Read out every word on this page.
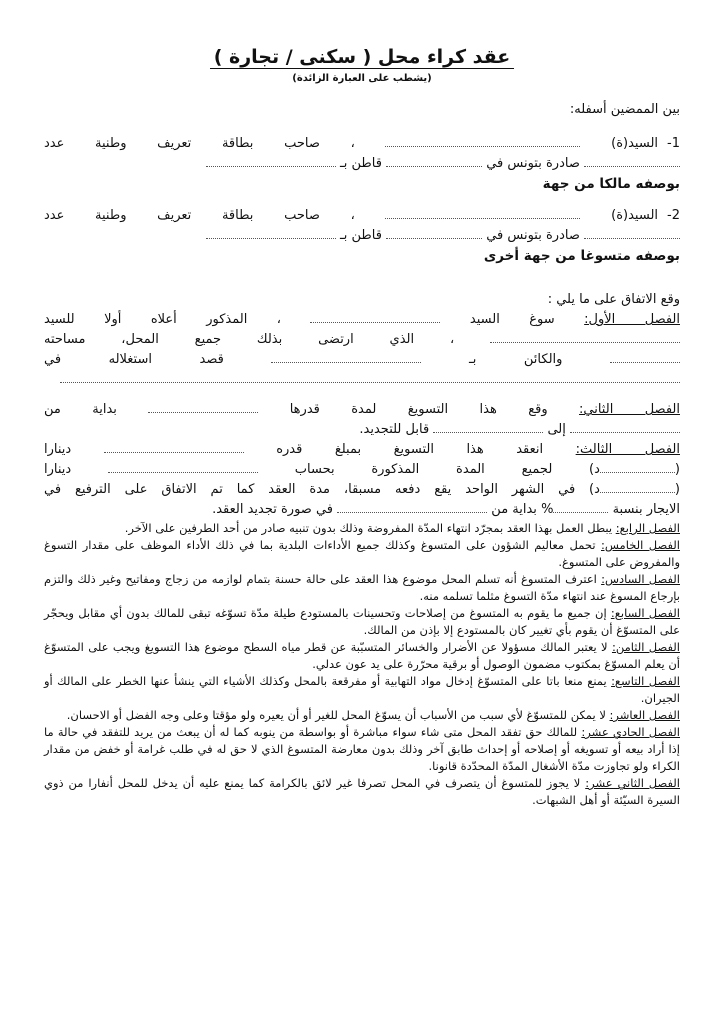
عقد كراء محل ( سكنى / تجارة )
(يشطب على العبارة الزائدة)
بين الممضين أسفله:
1-السيد(ة)  ، صاحب بطاقة تعريف وطنية عدد
صادرة بتونس في  قاطن بـ
بوصفه مالكا من جهة
2-السيد(ة)  ، صاحب بطاقة تعريف وطنية عدد
صادرة بتونس في  قاطن بـ
بوصفه متسوغا من جهة أخرى
وقع الاتفاق على ما يلي :
الفصل الأول: سوغ السيد  ، المذكور أعلاه أولا للسيد
، الذي ارتضى بذلك جميع المحل، مساحته
والكائن بـ  قصد استغلاله في
الفصل الثاني: وقع هذا التسويغ لمدة قدرها  بداية من
إلى  قابل للتجديد.
الفصل الثالث: انعقد هذا التسويغ بمبلغ قدره  دينارا
(د) لجميع المدة المذكورة بحساب  دينارا
(د) في الشهر الواحد يقع دفعه مسبقا، مدة العقد كما تم الاتفاق على الترفيع في
الايجار بنسبة % بداية من  في صورة تجديد العقد.
الفصل الرابع: يبطل العمل بهذا العقد بمجرّد انتهاء المدّة المفروضة وذلك بدون تنبيه صادر من أحد الطرفين على الآخر.
الفصل الخامس: تحمل معاليم الشؤون على المتسوغ وكذلك جميع الأداءات البلدية بما في ذلك الأداء الموظف على مقدار التسوغ والمفروض على المتسوغ.
الفصل السادس: اعترف المتسوغ أنه تسلم المحل موضوع هذا العقد على حالة حسنة بتمام لوازمه من زجاج ومفاتيح وغير ذلك والتزم بإرجاع المسوغ عند انتهاء مدّة التسوغ مثلما تسلمه منه.
الفصل السابع: إن جميع ما يقوم به المتسوغ من إصلاحات وتحسينات بالمستودع طيلة مدّة تسوّغه تبقى للمالك بدون أي مقابل ويحجّر على المتسوّغ أن يقوم بأي تغيير كان بالمستودع إلا بإذن من المالك.
الفصل الثامن: لا يعتبر المالك مسؤولا عن الأضرار والخسائر المتسبّبة عن قطر مياه السطح موضوع هذا التسويغ ويجب على المتسوّغ أن يعلم المسوّغ بمكتوب مضمون الوصول أو برقية محرّرة على يد عون عدلي.
الفصل التاسع: يمنع منعا باتا على المتسوّغ إدخال مواد التهابية أو مفرقعة بالمحل وكذلك الأشياء التي ينشأ عنها الخطر على المالك أو الجيران.
الفصل العاشر: لا يمكن للمتسوّغ لأي سبب من الأسباب أن يسوّغ المحل للغير أو أن يعيره ولو مؤقتا وعلى وجه الفضل أو الاحسان.
الفصل الحادي عشر: للمالك حق تفقد المحل متى شاء سواء مباشرة أو بواسطة من ينوبه كما له أن يبعث من يريد للتفقد في حالة ما إذا أراد بيعه أو تسويغه أو إصلاحه أو إحداث طابق آخر وذلك بدون معارضة المتسوغ الذي لا حق له في طلب غرامة أو خفض من مقدار الكراء ولو تجاوزت مدّة الأشغال المدّة المحدّدة قانونا.
الفصل الثاني عشر: لا يجوز للمتسوغ أن يتصرف في المحل تصرفا غير لائق بالكرامة كما يمنع عليه أن يدخل للمحل أنفارا من ذوي السيرة السيّئة أو أهل الشبهات.
